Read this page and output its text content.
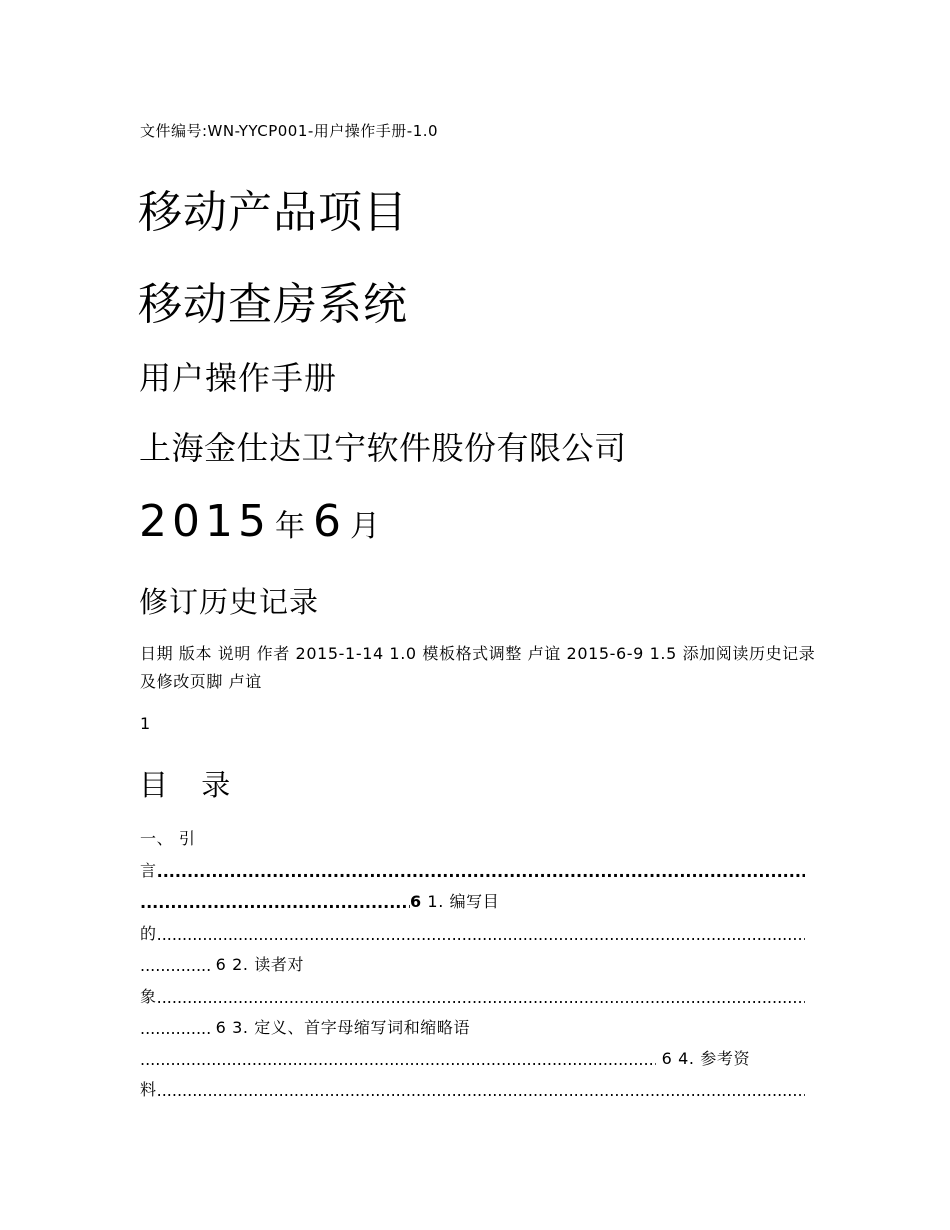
文件编号:WN-YYCP001-用户操作手册-1.0
移动产品项目
移动查房系统
用户操作手册
上海金仕达卫宁软件股份有限公司
2015 年 6 月
修订历史记录
日期 版本 说明 作者 2015-1-14 1.0 模板格式调整 卢谊 2015-6-9 1.5 添加阅读历史记录及修改页脚 卢谊
1
目 录
一、 引
言.....
.....6 1. 编写目
的.....
..... 6 2. 读者对
象.....
..... 6 3. 定义、首字母缩写词和缩略语
..... 6 4. 参考资
料.....
